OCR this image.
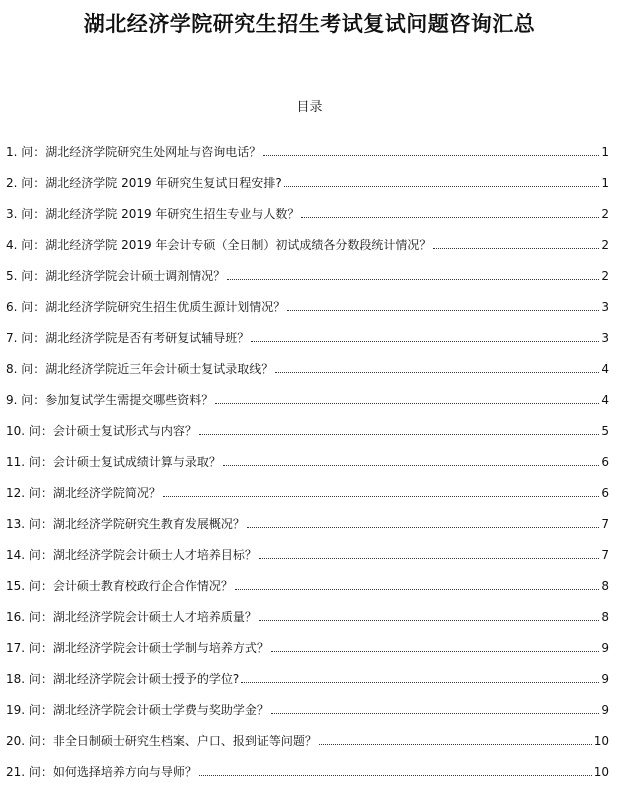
湖北经济学院研究生招生考试复试问题咨询汇总
目录
1. 问：湖北经济学院研究生处网址与咨询电话？	1
2. 问：湖北经济学院 2019 年研究生复试日程安排?	1
3. 问：湖北经济学院 2019 年研究生招生专业与人数？	2
4. 问：湖北经济学院 2019 年会计专硕（全日制）初试成绩各分数段统计情况？	2
5. 问：湖北经济学院会计硕士调剂情况？	2
6. 问：湖北经济学院研究生招生优质生源计划情况？	3
7. 问：湖北经济学院是否有考研复试辅导班？	3
8. 问：湖北经济学院近三年会计硕士复试录取线？	4
9. 问：参加复试学生需提交哪些资料？	4
10. 问：会计硕士复试形式与内容？	5
11. 问：会计硕士复试成绩计算与录取？	6
12. 问：湖北经济学院简况？	6
13. 问：湖北经济学院研究生教育发展概况？	7
14. 问：湖北经济学院会计硕士人才培养目标？	7
15. 问：会计硕士教育校政行企合作情况？	8
16. 问：湖北经济学院会计硕士人才培养质量？	8
17. 问：湖北经济学院会计硕士学制与培养方式？	9
18. 问：湖北经济学院会计硕士授予的学位?	9
19. 问：湖北经济学院会计硕士学费与奖助学金？	9
20. 问：非全日制硕士研究生档案、户口、报到证等问题？	10
21. 问：如何选择培养方向与导师？	10
